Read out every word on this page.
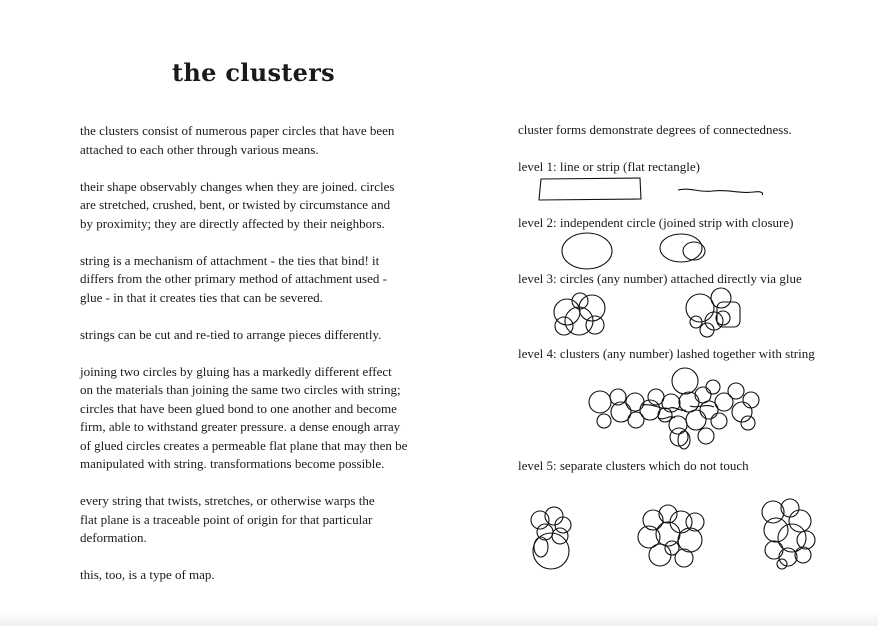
the clusters

the clusters consist of numerous paper circles that have been
attached to each other through various means.

their shape observably changes when they are joined. circles
are stretched, crushed, bent, or twisted by circumstance and
by proximity; they are directly affected by their neighbors.

string is a mechanism of attachment - the ties that bind! it
differs from the other primary method of attachment used -
glue - in that it creates ties that can be severed.

strings can be cut and re-tied to arrange pieces differently.

joining two circles by gluing has a markedly different effect
on the materials than joining the same two circles with string;
circles that have been glued bond to one another and become
firm, able to withstand greater pressure. a dense enough array
of glued circles creates a permeable flat plane that may then be
manipulated with string. transformations become possible.

every string that twists, stretches, or otherwise warps the
flat plane is a traceable point of origin for that particular
deformation.

this, too, is a type of map.

cluster forms demonstrate degrees of connectedness.
level 1: line or strip (flat rectangle)
level 2: independent circle (joined strip with closure)
level 3: circles (any number) attached directly via glue
level 4: clusters (any number) lashed together with string
level 5: separate clusters which do not touch
